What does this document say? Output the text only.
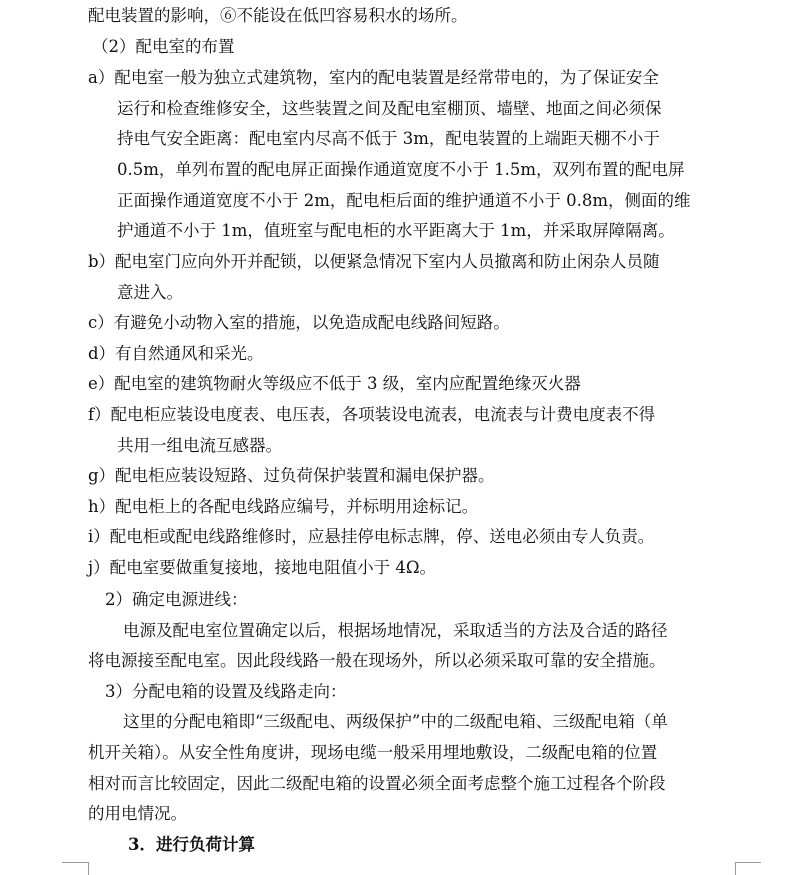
配电装置的影响，⑥不能设在低凹容易积水的场所。
（2）配电室的布置
a）配电室一般为独立式建筑物，室内的配电装置是经常带电的，为了保证安全
运行和检查维修安全，这些装置之间及配电室棚顶、墙壁、地面之间必须保
持电气安全距离：配电室内尽高不低于 3m，配电装置的上端距天棚不小于
0.5m，单列布置的配电屏正面操作通道宽度不小于 1.5m，双列布置的配电屏
正面操作通道宽度不小于 2m，配电柜后面的维护通道不小于 0.8m，侧面的维
护通道不小于 1m，值班室与配电柜的水平距离大于 1m，并采取屏障隔离。
b）配电室门应向外开并配锁，以便紧急情况下室内人员撤离和防止闲杂人员随
意进入。
c）有避免小动物入室的措施，以免造成配电线路间短路。
d）有自然通风和采光。
e）配电室的建筑物耐火等级应不低于 3 级，室内应配置绝缘灭火器
f）配电柜应装设电度表、电压表，各项装设电流表，电流表与计费电度表不得
共用一组电流互感器。
g）配电柜应装设短路、过负荷保护装置和漏电保护器。
h）配电柜上的各配电线路应编号，并标明用途标记。
i）配电柜或配电线路维修时，应悬挂停电标志牌，停、送电必须由专人负责。
j）配电室要做重复接地，接地电阻值小于 4Ω。
2）确定电源进线：
电源及配电室位置确定以后，根据场地情况，采取适当的方法及合适的路径
将电源接至配电室。因此段线路一般在现场外，所以必须采取可靠的安全措施。
3）分配电箱的设置及线路走向：
这里的分配电箱即“三级配电、两级保护”中的二级配电箱、三级配电箱（单
机开关箱）。从安全性角度讲，现场电缆一般采用埋地敷设，二级配电箱的位置
相对而言比较固定，因此二级配电箱的设置必须全面考虑整个施工过程各个阶段
的用电情况。
3．进行负荷计算
